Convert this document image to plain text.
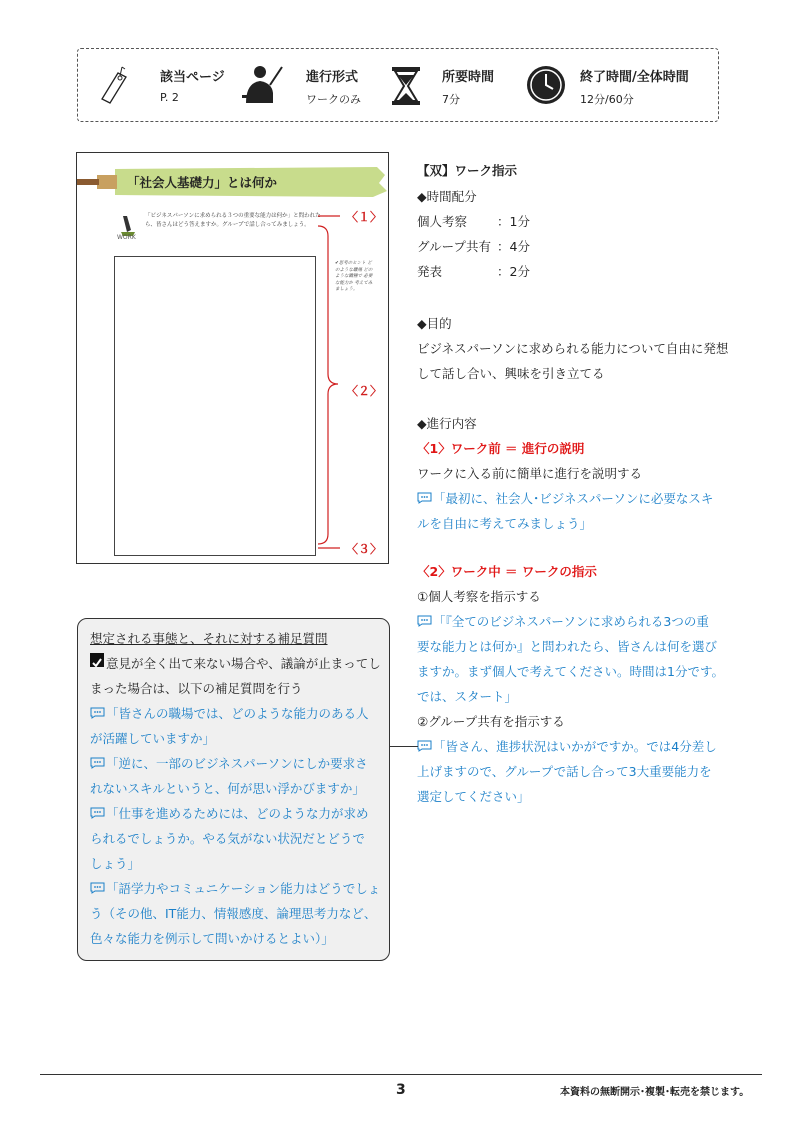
該当ページ
P. 2
進行形式
ワークのみ
所要時間
7分
終了時間/全体時間
12分/60分
「社会人基礎力」とは何か
WORK
「ビジネスパーソンに求められる３つの重要な能力は何か」と問われたら、皆さんはどう答えますか。グループで話し合ってみましょう。
✔思考のヒント どのような職場 どのような職種で 必要な能力か 考えてみましょう。
〈１〉
〈２〉
〈３〉
【双】ワーク指示
◆時間配分
個人考察 ：1分
グループ共有 ：4分
発表	：2分
◆目的
ビジネスパーソンに求められる能力について自由に発想
して話し合い、興味を引き立てる
◆進行内容
〈1〉ワーク前 ＝ 進行の説明
ワークに入る前に簡単に進行を説明する
「最初に、社会人･ビジネスパーソンに必要なスキ
ルを自由に考えてみましょう」
〈2〉ワーク中 ＝ ワークの指示
①個人考察を指示する
「『全てのビジネスパーソンに求められる3つの重
要な能力とは何か』と問われたら、皆さんは何を選び
ますか。まず個人で考えてください。時間は1分です。
では、スタート」
②グループ共有を指示する
「皆さん、進捗状況はいかがですか。では4分差し
上げますので、グループで話し合って3大重要能力を
選定してください」
想定される事態と、それに対する補足質問
意見が全く出て来ない場合や、議論が止まってし
まった場合は、以下の補足質問を行う
「皆さんの職場では、どのような能力のある人
が活躍していますか」
「逆に、一部のビジネスパーソンにしか要求さ
れないスキルというと、何が思い浮かびますか」
「仕事を進めるためには、どのような力が求め
られるでしょうか。やる気がない状況だとどうで
しょう」
「語学力やコミュニケーション能力はどうでしょ
う（その他、IT能力、情報感度、論理思考力など、
色々な能力を例示して問いかけるとよい）」
3	本資料の無断開示･複製･転売を禁じます。
